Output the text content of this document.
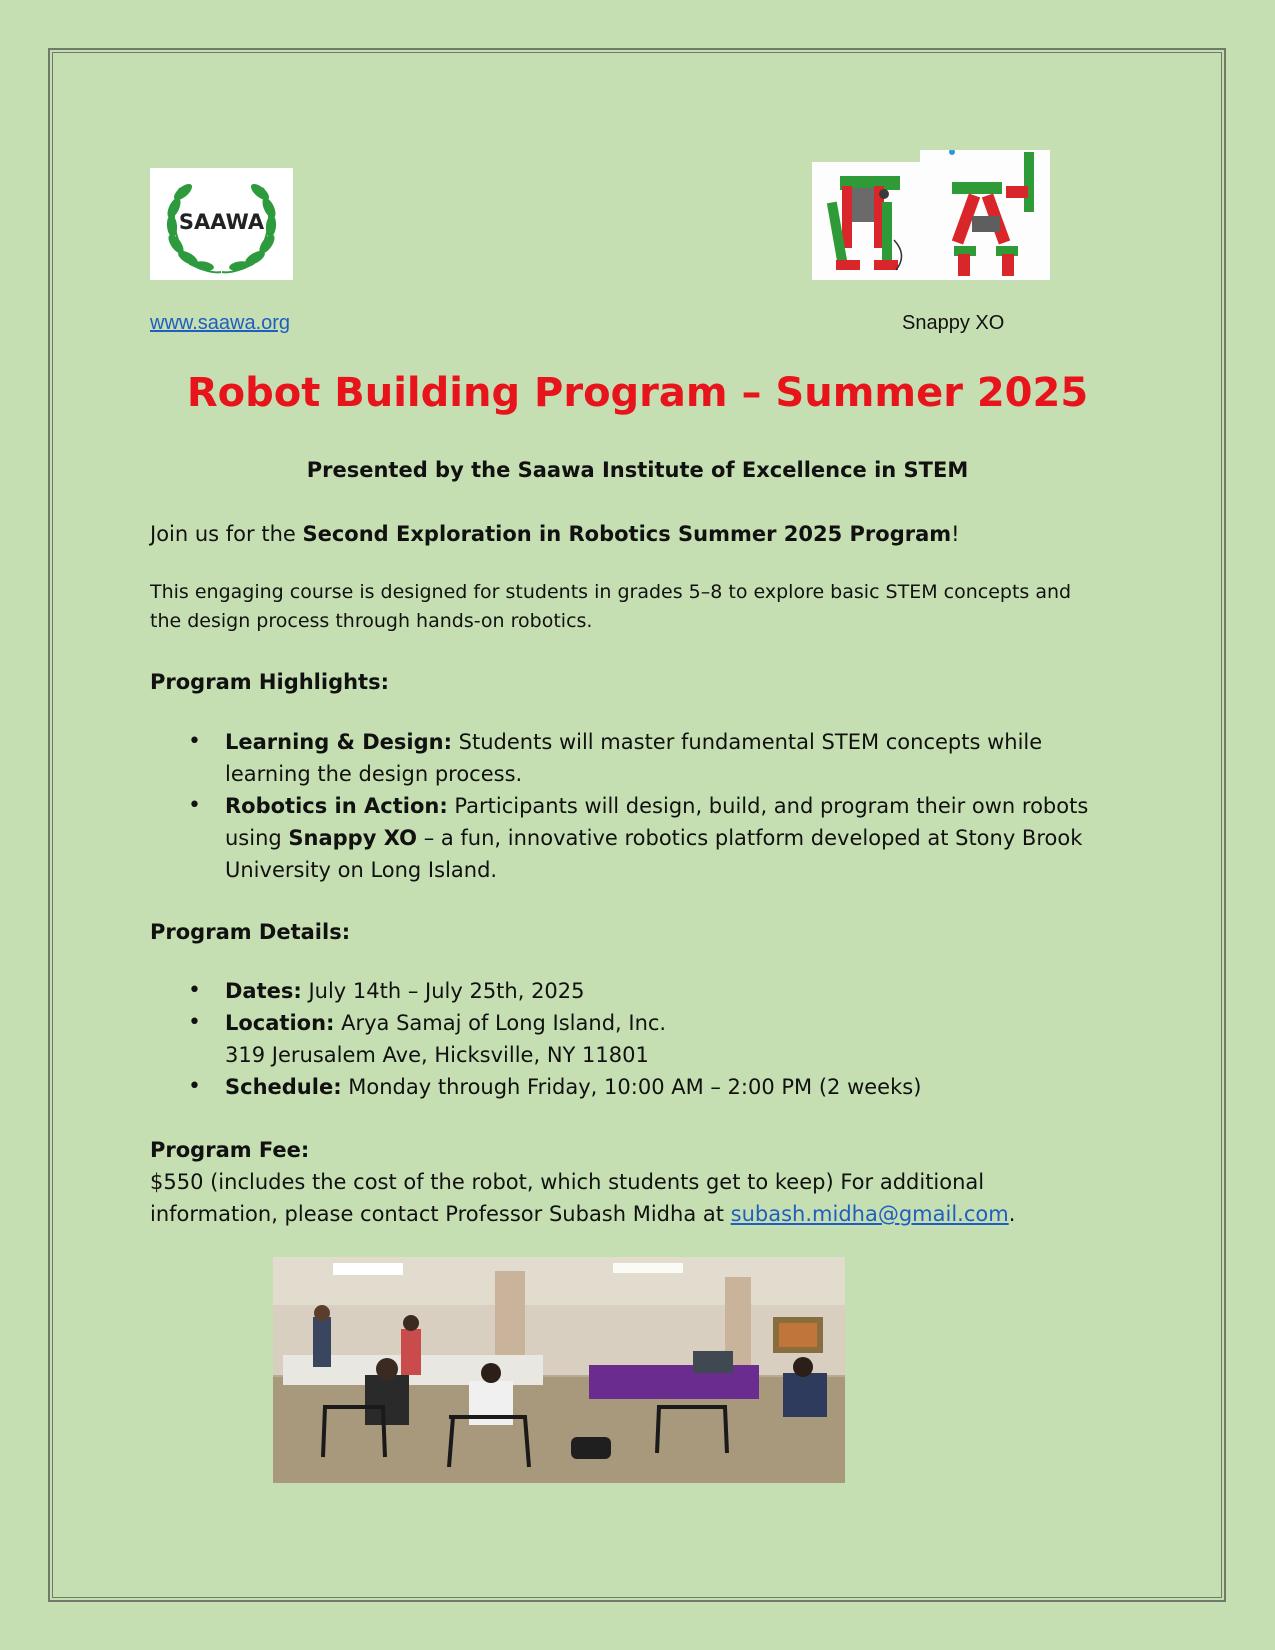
SAAWA
www.saawa.org	Snappy XO
Robot Building Program – Summer 2025
Presented by the Saawa Institute of Excellence in STEM

Join us for the Second Exploration in Robotics Summer 2025 Program!

This engaging course is designed for students in grades 5–8 to explore basic STEM concepts and the design process through hands-on robotics.

Program Highlights:

• Learning & Design: Students will master fundamental STEM concepts while learning the design process.
• Robotics in Action: Participants will design, build, and program their own robots using Snappy XO – a fun, innovative robotics platform developed at Stony Brook University on Long Island.

Program Details:

• Dates: July 14th – July 25th, 2025
• Location: Arya Samaj of Long Island, Inc.
319 Jerusalem Ave, Hicksville, NY 11801
• Schedule: Monday through Friday, 10:00 AM – 2:00 PM (2 weeks)

Program Fee:

$550 (includes the cost of the robot, which students get to keep) For additional information, please contact Professor Subash Midha at subash.midha@gmail.com.
